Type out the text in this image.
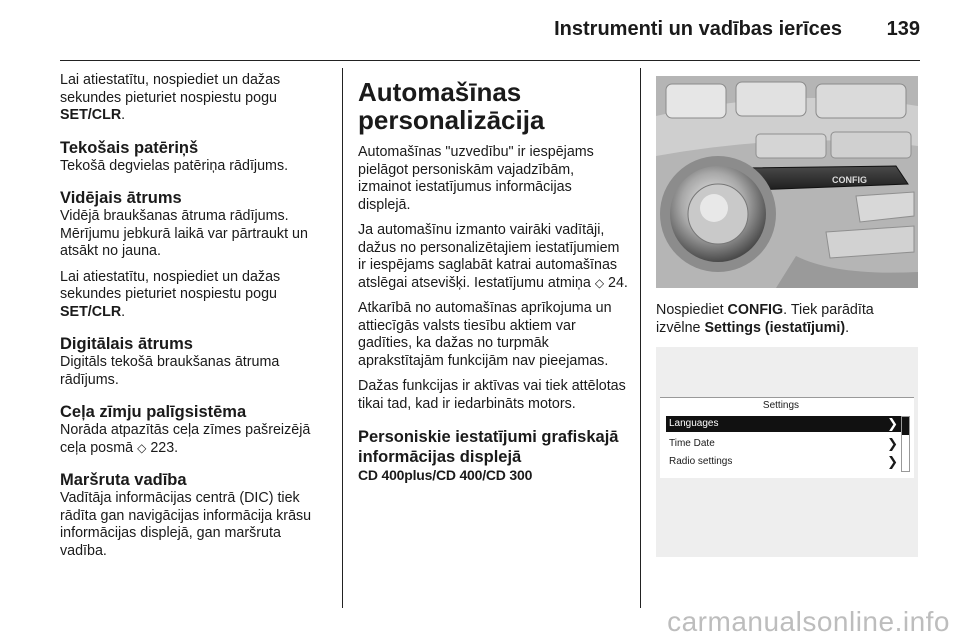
Instrumenti un vadības ierīces 139

Lai atiestatītu, nospiediet un dažas sekundes pieturiet nospiestu pogu SET/CLR.

Tekošais patēriņš

Tekošā degvielas patēriņa rādījums.

Vidējais ātrums

Vidējā braukšanas ātruma rādījums. Mērījumu jebkurā laikā var pārtraukt un atsākt no jauna.

Lai atiestatītu, nospiediet un dažas sekundes pieturiet nospiestu pogu SET/CLR.

Digitālais ātrums

Digitāls tekošā braukšanas ātruma rādījums.

Ceļa zīmju palīgsistēma

Norāda atpazītās ceļa zīmes pašreizējā ceļa posmā ◇ 223.

Maršruta vadība

Vadītāja informācijas centrā (DIC) tiek rādīta gan navigācijas informācija krāsu informācijas displejā, gan maršruta vadība.

Automašīnas personalizācija

Automašīnas "uzvedību" ir iespējams pielāgot personiskām vajadzībām, izmainot iestatījumus informācijas displejā.

Ja automašīnu izmanto vairāki vadītāji, dažus no personalizētajiem iestatījumiem ir iespējams saglabāt katrai automašīnas atslēgai atsevišķi. Iestatījumu atmiņa ◇ 24.

Atkarībā no automašīnas aprīkojuma un attiecīgās valsts tiesību aktiem var gadīties, ka dažas no turpmāk aprakstītajām funkcijām nav pieejamas.

Dažas funkcijas ir aktīvas vai tiek attēlotas tikai tad, kad ir iedarbināts motors.

Personiskie iestatījumi grafiskajā informācijas displejā
CD 400plus/CD 400/CD 300
CONFIG

Nospiediet CONFIG. Tiek parādīta izvēlne Settings (iestatījumi).

Settings
Languages	❯
Time Date	❯
Radio settings	❯
carmanualsonline.info
